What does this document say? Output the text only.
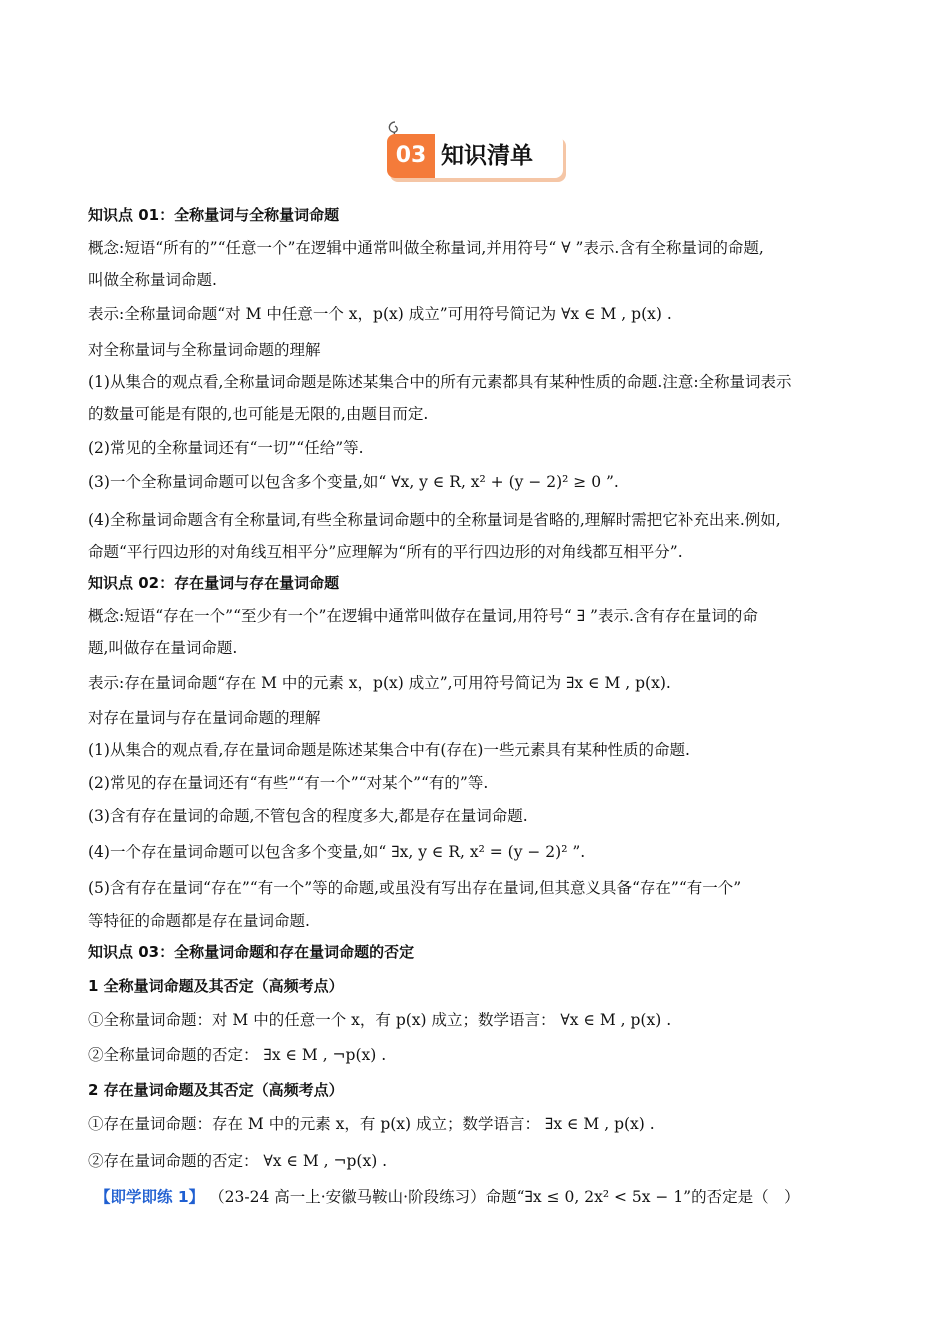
03 知识清单
知识点 01：全称量词与全称量词命题
概念:短语“所有的”“任意一个”在逻辑中通常叫做全称量词,并用符号“ ∀ ”表示.含有全称量词的命题,
叫做全称量词命题.
表示:全称量词命题“对 M 中任意一个 x，p(x) 成立”可用符号简记为 ∀x ∈ M , p(x) .
对全称量词与全称量词命题的理解
(1)从集合的观点看,全称量词命题是陈述某集合中的所有元素都具有某种性质的命题.注意:全称量词表示
的数量可能是有限的,也可能是无限的,由题目而定.
(2)常见的全称量词还有“一切”“任给”等.
(3)一个全称量词命题可以包含多个变量,如“ ∀x, y ∈ R, x² + (y − 2)² ≥ 0 ”.
(4)全称量词命题含有全称量词,有些全称量词命题中的全称量词是省略的,理解时需把它补充出来.例如,
命题“平行四边形的对角线互相平分”应理解为“所有的平行四边形的对角线都互相平分”.
知识点 02：存在量词与存在量词命题
概念:短语“存在一个”“至少有一个”在逻辑中通常叫做存在量词,用符号“ ∃ ”表示.含有存在量词的命
题,叫做存在量词命题.
表示:存在量词命题“存在 M 中的元素 x，p(x) 成立”,可用符号简记为 ∃x ∈ M , p(x).
对存在量词与存在量词命题的理解
(1)从集合的观点看,存在量词命题是陈述某集合中有(存在)一些元素具有某种性质的命题.
(2)常见的存在量词还有“有些”“有一个”“对某个”“有的”等.
(3)含有存在量词的命题,不管包含的程度多大,都是存在量词命题.
(4)一个存在量词命题可以包含多个变量,如“ ∃x, y ∈ R, x² = (y − 2)² ”.
(5)含有存在量词“存在”“有一个”等的命题,或虽没有写出存在量词,但其意义具备“存在”“有一个”
等特征的命题都是存在量词命题.
知识点 03：全称量词命题和存在量词命题的否定
1 全称量词命题及其否定（高频考点）
①全称量词命题：对 M 中的任意一个 x，有 p(x) 成立；数学语言： ∀x ∈ M , p(x) .
②全称量词命题的否定： ∃x ∈ M , ¬p(x) .
2 存在量词命题及其否定（高频考点）
①存在量词命题：存在 M 中的元素 x，有 p(x) 成立；数学语言： ∃x ∈ M , p(x) .
②存在量词命题的否定： ∀x ∈ M , ¬p(x) .
【即学即练 1】 （23-24 高一上·安徽马鞍山·阶段练习）命题“∃x ≤ 0, 2x² < 5x − 1”的否定是（　）
